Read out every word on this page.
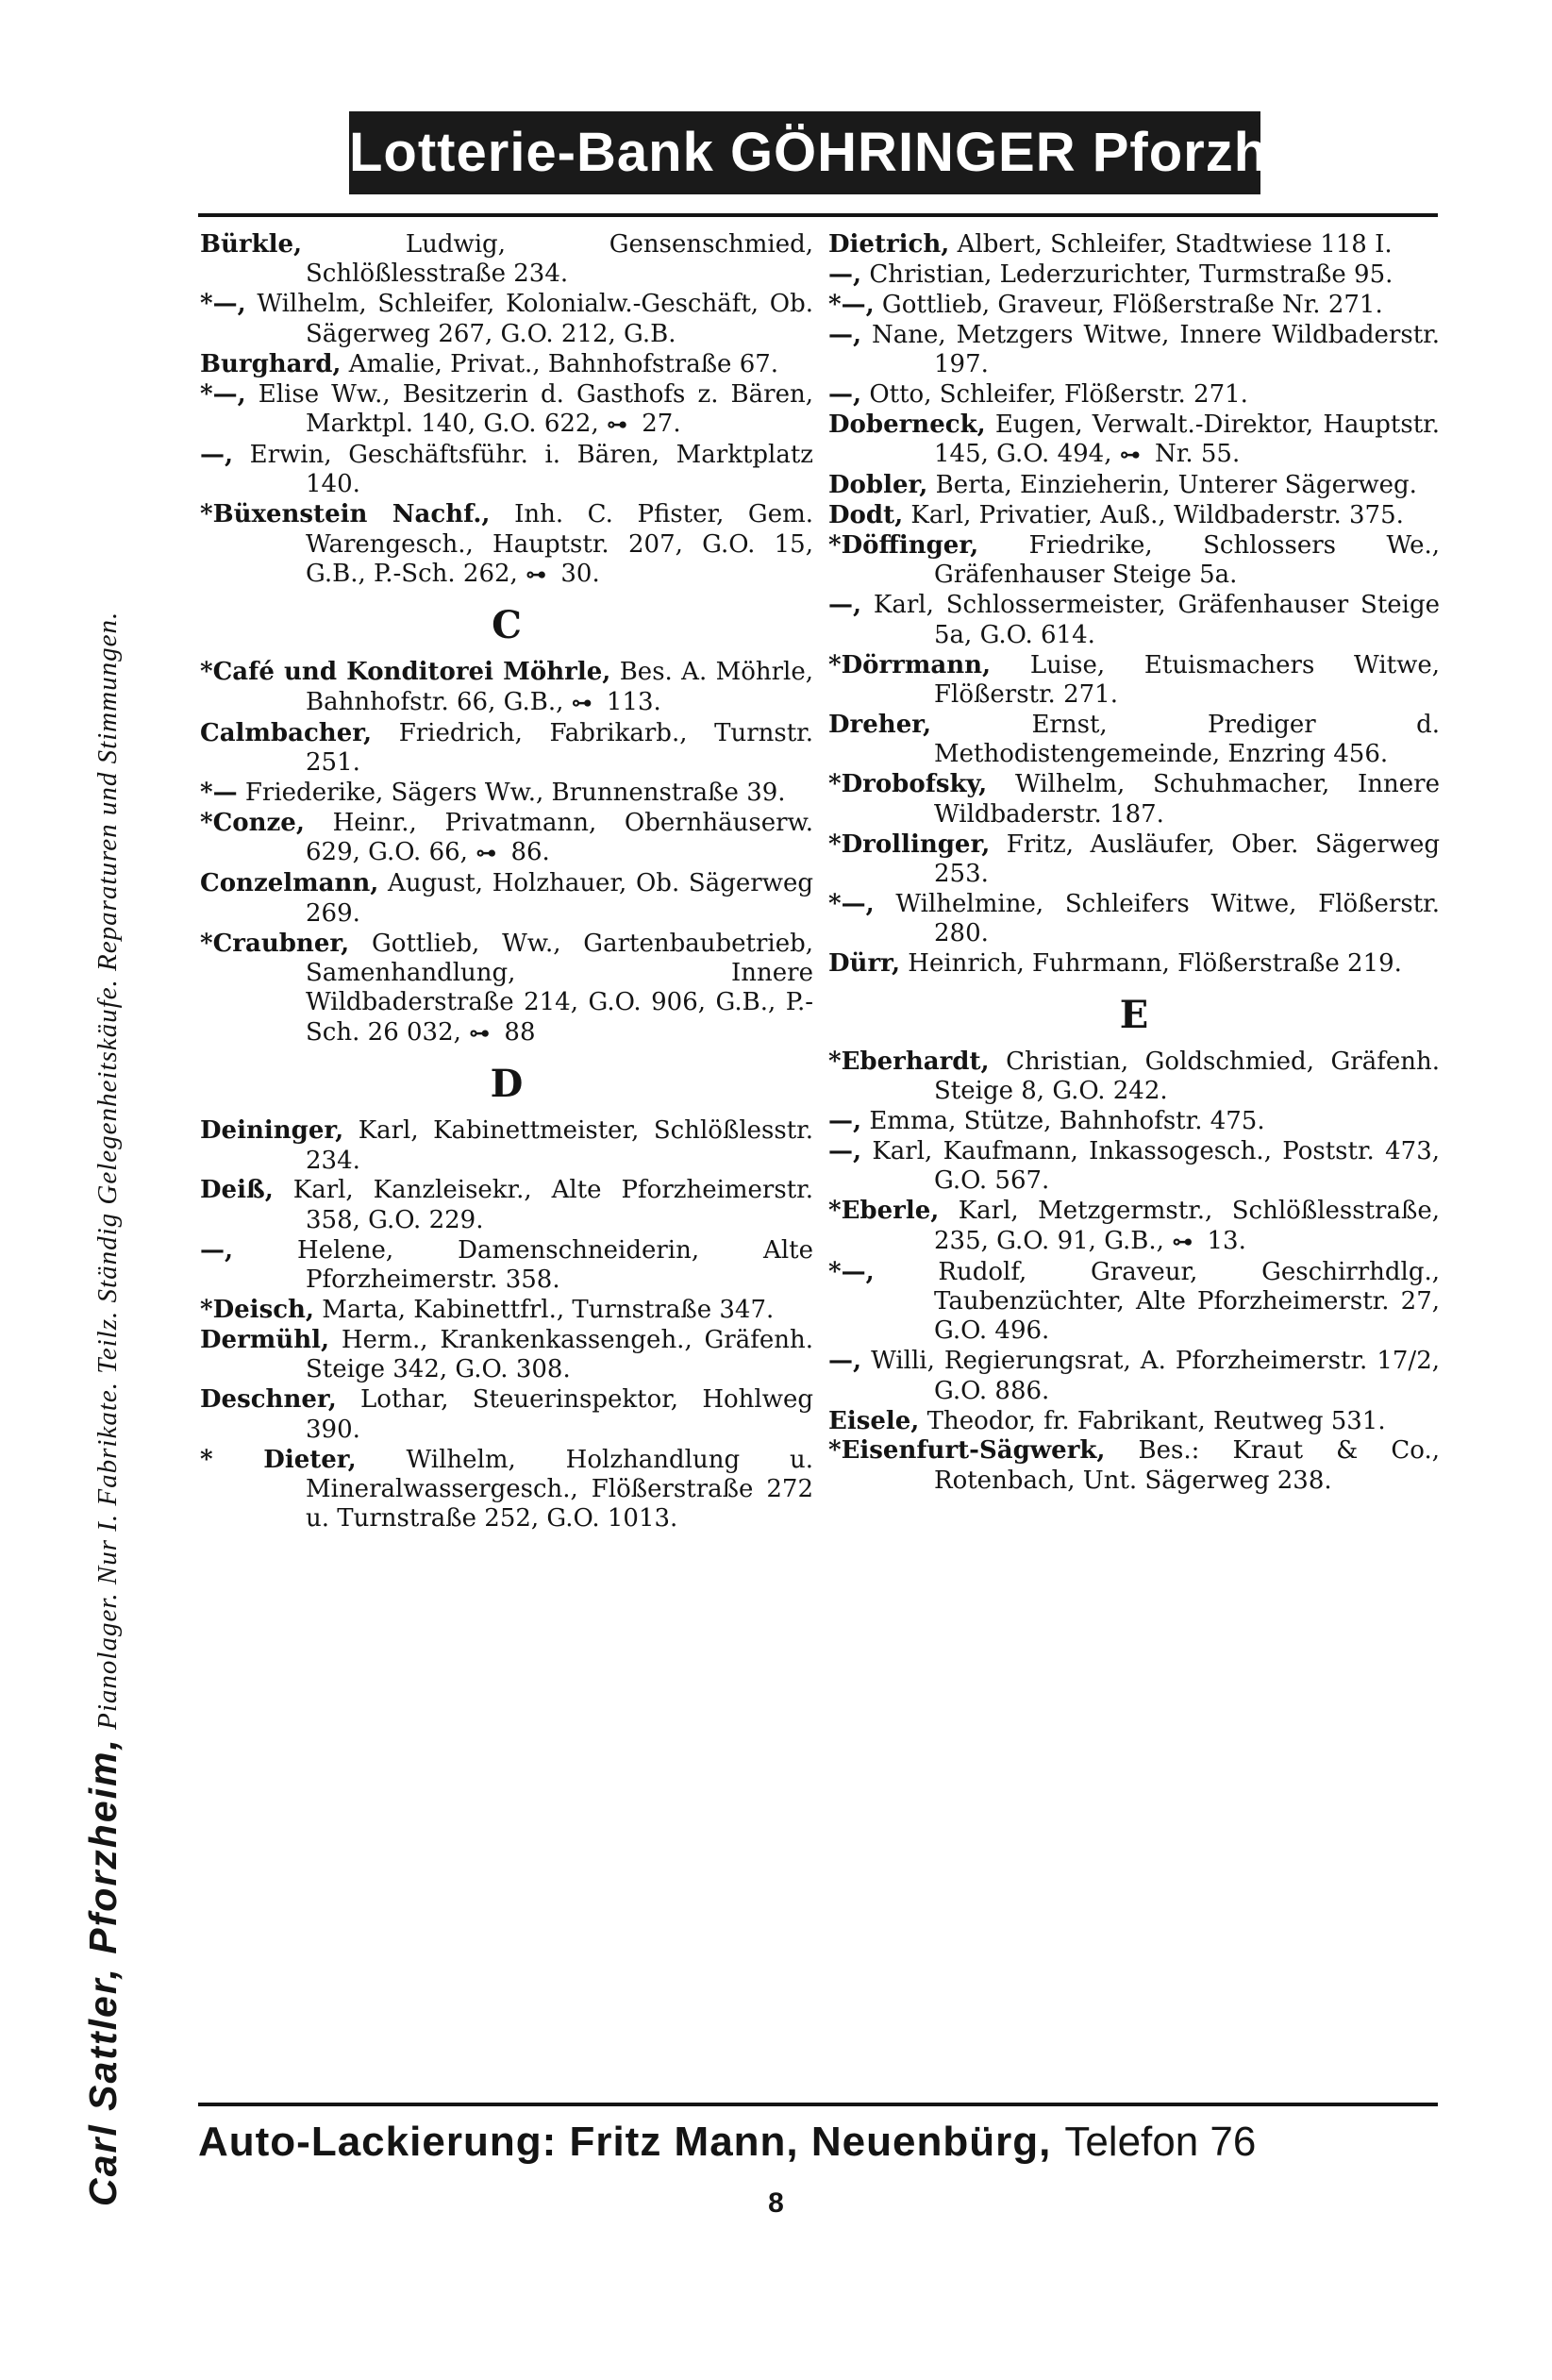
Carl Sattler, Pforzheim, Pianolager. Nur I. Fabrikate. Teilz. Ständig Gelegenheitskäufe. Reparaturen und Stimmungen.
Lotterie-Bank GÖHRINGER Pforzheim
Bürkle, Ludwig, Gensenschmied, Schlößlesstraße 234.
*—, Wilhelm, Schleifer, Kolonialw.-Geschäft, Ob. Sägerweg 267, G.O. 212, G.B.
Burghard, Amalie, Privat., Bahnhofstraße 67.
*—, Elise Ww., Besitzerin d. Gasthofs z. Bären, Marktpl. 140, G.O. 622, ⊶ 27.
—, Erwin, Geschäftsführ. i. Bären, Marktplatz 140.
*Büxenstein Nachf., Inh. C. Pfister, Gem. Warengesch., Hauptstr. 207, G.O. 15, G.B., P.-Sch. 262, ⊶ 30.
C
*Café und Konditorei Möhrle, Bes. A. Möhrle, Bahnhofstr. 66, G.B., ⊶ 113.
Calmbacher, Friedrich, Fabrikarb., Turnstr. 251.
*— Friederike, Sägers Ww., Brunnenstraße 39.
*Conze, Heinr., Privatmann, Obernhäuserw. 629, G.O. 66, ⊶ 86.
Conzelmann, August, Holzhauer, Ob. Sägerweg 269.
*Craubner, Gottlieb, Ww., Gartenbaubetrieb, Samenhandlung, Innere Wildbaderstraße 214, G.O. 906, G.B., P.-Sch. 26 032, ⊶ 88
D
Deininger, Karl, Kabinettmeister, Schlößlesstr. 234.
Deiß, Karl, Kanzleisekr., Alte Pforzheimerstr. 358, G.O. 229.
—, Helene, Damenschneiderin, Alte Pforzheimerstr. 358.
*Deisch, Marta, Kabinettfrl., Turnstraße 347.
Dermühl, Herm., Krankenkassengeh., Gräfenh. Steige 342, G.O. 308.
Deschner, Lothar, Steuerinspektor, Hohlweg 390.
* Dieter, Wilhelm, Holzhandlung u. Mineralwassergesch., Flößerstraße 272 u. Turnstraße 252, G.O. 1013.
Dietrich, Albert, Schleifer, Stadtwiese 118 I.
—, Christian, Lederzurichter, Turmstraße 95.
*—, Gottlieb, Graveur, Flößerstraße Nr. 271.
—, Nane, Metzgers Witwe, Innere Wildbaderstr. 197.
—, Otto, Schleifer, Flößerstr. 271.
Doberneck, Eugen, Verwalt.-Direktor, Hauptstr. 145, G.O. 494, ⊶ Nr. 55.
Dobler, Berta, Einzieherin, Unterer Sägerweg.
Dodt, Karl, Privatier, Auß., Wildbaderstr. 375.
*Döffinger, Friedrike, Schlossers We., Gräfenhauser Steige 5a.
—, Karl, Schlossermeister, Gräfenhauser Steige 5a, G.O. 614.
*Dörrmann, Luise, Etuismachers Witwe, Flößerstr. 271.
Dreher, Ernst, Prediger d. Methodistengemeinde, Enzring 456.
*Drobofsky, Wilhelm, Schuhmacher, Innere Wildbaderstr. 187.
*Drollinger, Fritz, Ausläufer, Ober. Sägerweg 253.
*—, Wilhelmine, Schleifers Witwe, Flößerstr. 280.
Dürr, Heinrich, Fuhrmann, Flößerstraße 219.
E
*Eberhardt, Christian, Goldschmied, Gräfenh. Steige 8, G.O. 242.
—, Emma, Stütze, Bahnhofstr. 475.
—, Karl, Kaufmann, Inkassogesch., Poststr. 473, G.O. 567.
*Eberle, Karl, Metzgermstr., Schlößlesstraße, 235, G.O. 91, G.B., ⊶ 13.
*—, Rudolf, Graveur, Geschirrhdlg., Taubenzüchter, Alte Pforzheimerstr. 27, G.O. 496.
—, Willi, Regierungsrat, A. Pforzheimerstr. 17/2, G.O. 886.
Eisele, Theodor, fr. Fabrikant, Reutweg 531.
*Eisenfurt-Sägwerk, Bes.: Kraut & Co., Rotenbach, Unt. Sägerweg 238.
Auto-Lackierung: Fritz Mann, Neuenbürg, Telefon 76
8
